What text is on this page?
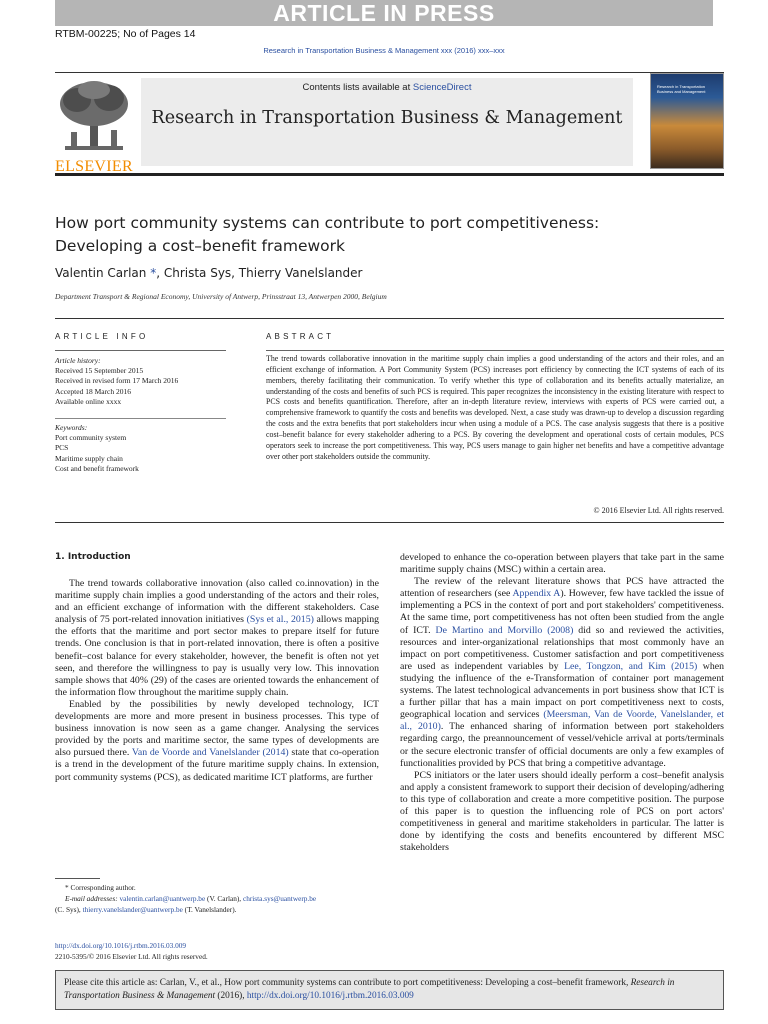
ARTICLE IN PRESS
RTBM-00225; No of Pages 14
Research in Transportation Business & Management xxx (2016) xxx–xxx
ELSEVIER
Contents lists available at ScienceDirect
Research in Transportation Business & Management
Research in Transportation Business and Management
How port community systems can contribute to port competitiveness:
Developing a cost–benefit framework
Valentin Carlan *, Christa Sys, Thierry Vanelslander
Department Transport & Regional Economy, University of Antwerp, Prinsstraat 13, Antwerpen 2000, Belgium
ARTICLE INFO	ABSTRACT
Article history:
Received 15 September 2015
Received in revised form 17 March 2016
Accepted 18 March 2016
Available online xxxx
Keywords:
Port community system
PCS
Maritime supply chain
Cost and benefit framework
The trend towards collaborative innovation in the maritime supply chain implies a good understanding of the actors and their roles, and an efficient exchange of information. A Port Community System (PCS) increases port efficiency by connecting the ICT systems of each of its members, thereby facilitating their communication. To verify whether this type of collaboration and its benefits actually materialize, an understanding of the costs and benefits of such PCS is required. This paper recognizes the inconsistency in the existing literature with respect to PCS costs and benefits quantification. Therefore, after an in-depth literature review, interviews with experts of PCS were carried out, a comprehensive framework to quantify the costs and benefits was developed. Next, a case study was drawn-up to develop a discussion regarding the costs and the extra benefits that port stakeholders incur when using a module of a PCS. The case analysis suggests that there is a positive cost–benefit balance for every stakeholder adhering to a PCS. By covering the development and operational costs of certain modules, PCS operators seek to increase the port competitiveness. This way, PCS users manage to gain higher net benefits and have a competitive advantage over other port stakeholders outside the community.
© 2016 Elsevier Ltd. All rights reserved.
1. Introduction

The trend towards collaborative innovation (also called co.innovation) in the maritime supply chain implies a good understanding of the actors and their roles, and an efficient exchange of information with the different stakeholders. Case analysis of 75 port-related innovation initiatives (Sys et al., 2015) allows mapping the efforts that the maritime and port sector makes to prepare itself for future trends. One conclusion is that in port-related innovation, there is often a positive benefit–cost balance for every stakeholder, however, the benefit is often not yet seen, and therefore the willingness to pay is usually very low. This innovation sample shows that 40% (29) of the cases are oriented towards the enhancement of the information flow throughout the maritime supply chain.

Enabled by the possibilities by newly developed technology, ICT developments are more and more present in business processes. This type of business innovation is now seen as a game changer. Analysing the services provided by the ports and maritime sector, the same types of developments are also pursued there. Van de Voorde and Vanelslander (2014) state that co-operation is a trend in the development of the future maritime supply chains. In extension, port community systems (PCS), as dedicated maritime ICT platforms, are further

developed to enhance the co-operation between players that take part in the same maritime supply chains (MSC) within a certain area.

The review of the relevant literature shows that PCS have attracted the attention of researchers (see Appendix A). However, few have tackled the issue of implementing a PCS in the context of port and port stakeholders' competitiveness. At the same time, port competitiveness has not often been studied from the angle of ICT. De Martino and Morvillo (2008) did so and reviewed the activities, resources and inter-organizational relationships that most commonly have an impact on port competitiveness. Customer satisfaction and port competitiveness are used as independent variables by Lee, Tongzon, and Kim (2015) when studying the influence of the e-Transformation of container port management systems. The latest technological advancements in port business show that ICT is a further pillar that has a main impact on port competitiveness next to costs, geographical location and services (Meersman, Van de Voorde, Vanelslander, et al., 2010). The enhanced sharing of information between port stakeholders regarding cargo, the preannouncement of vessel/vehicle arrival at ports/terminals or the secure electronic transfer of official documents are only a few examples of functionalities provided by PCS that bring a competitive advantage.

PCS initiators or the later users should ideally perform a cost–benefit analysis and apply a consistent framework to support their decision of developing/adhering to this type of collaboration and create a more competitive position. The purpose of this paper is to question the influencing role of PCS on port actors' competitiveness in general and maritime stakeholders in particular. The latter is done by identifying the costs and benefits encountered by different MSC stakeholders

* Corresponding author.
E-mail addresses: valentin.carlan@uantwerp.be (V. Carlan), christa.sys@uantwerp.be
(C. Sys), thierry.vanelslander@uantwerp.be (T. Vanelslander).
http://dx.doi.org/10.1016/j.rtbm.2016.03.009
2210-5395/© 2016 Elsevier Ltd. All rights reserved.
Please cite this article as: Carlan, V., et al., How port community systems can contribute to port competitiveness: Developing a cost–benefit framework, Research in Transportation Business & Management (2016), http://dx.doi.org/10.1016/j.rtbm.2016.03.009
